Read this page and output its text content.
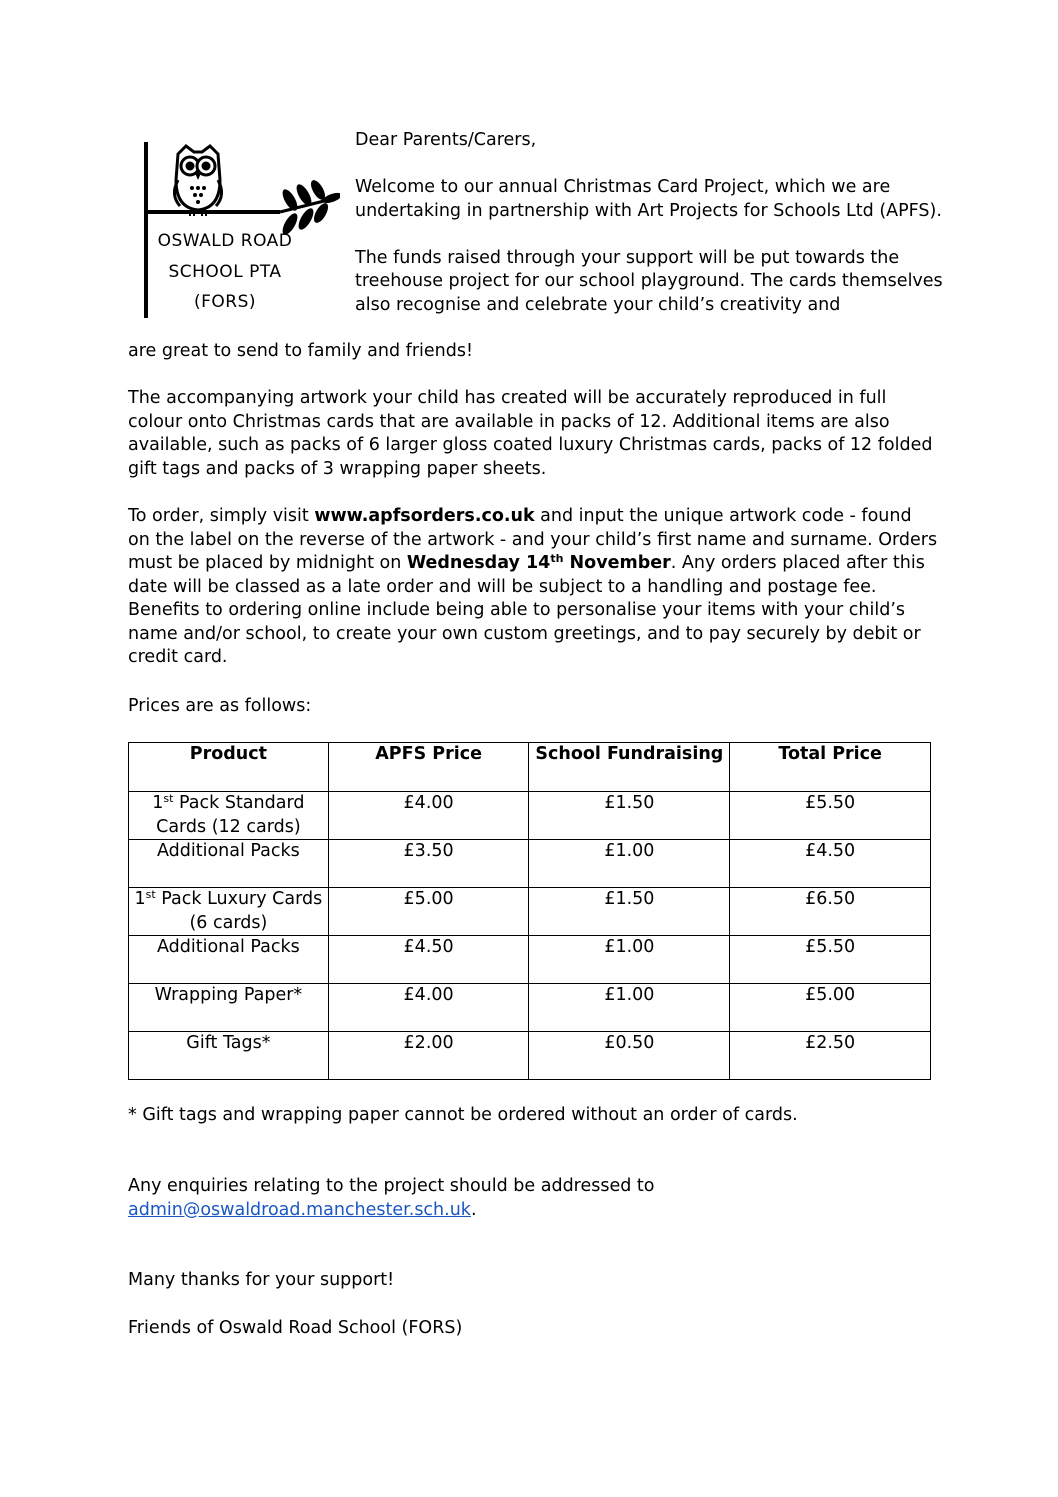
OSWALD ROAD
SCHOOL PTA
(FORS)

Dear Parents/Carers,

Welcome to our annual Christmas Card Project, which we are undertaking in partnership with Art Projects for Schools Ltd (APFS).

The funds raised through your support will be put towards the treehouse project for our school playground. The cards themselves also recognise and celebrate your child’s creativity and

are great to send to family and friends!

The accompanying artwork your child has created will be accurately reproduced in full colour onto Christmas cards that are available in packs of 12. Additional items are also available, such as packs of 6 larger gloss coated luxury Christmas cards, packs of 12 folded gift tags and packs of 3 wrapping paper sheets.

To order, simply visit www.apfsorders.co.uk and input the unique artwork code - found on the label on the reverse of the artwork - and your child’s first name and surname. Orders must be placed by midnight on Wednesday 14th November. Any orders placed after this date will be classed as a late order and will be subject to a handling and postage fee. Benefits to ordering online include being able to personalise your items with your child’s name and/or school, to create your own custom greetings, and to pay securely by debit or credit card.

Prices are as follows:
Product	APFS Price	School Fundraising	Total Price
1st Pack Standard Cards (12 cards)	£4.00	£1.50	£5.50
Additional Packs	£3.50	£1.00	£4.50
1st Pack Luxury Cards (6 cards)	£5.00	£1.50	£6.50
Additional Packs	£4.50	£1.00	£5.50
Wrapping Paper*	£4.00	£1.00	£5.00
Gift Tags*	£2.00	£0.50	£2.50
* Gift tags and wrapping paper cannot be ordered without an order of cards.

Any enquiries relating to the project should be addressed to
admin@oswaldroad.manchester.sch.uk.

Many thanks for your support!
Friends of Oswald Road School (FORS)
